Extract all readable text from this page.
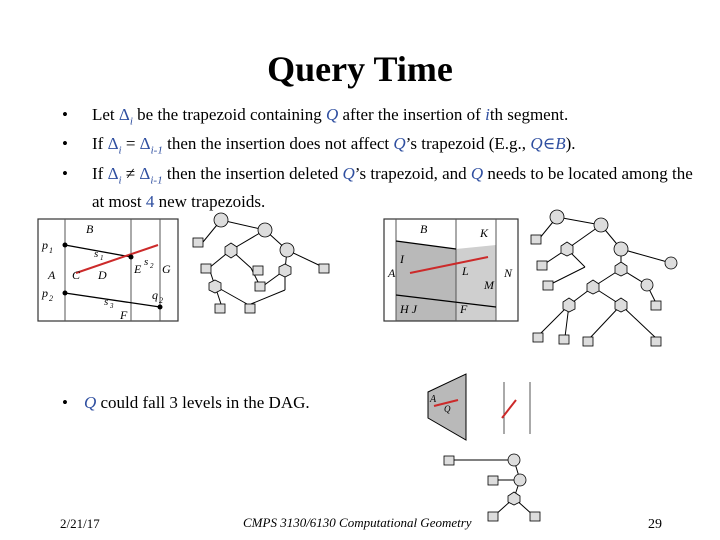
Query Time
• Let $\Delta_i$ be the trapezoid containing Q after the insertion of ith segment.
• If $\Delta_i = \Delta_{i-1}$ then the insertion does not affect Q’s trapezoid (E.g., Q∈B).
• If $\Delta_i \ne \Delta_{i-1}$ then the insertion deleted Q’s trapezoid, and Q needs to be located among the at most 4 new trapezoids.
p 1
p 2
B
s 1	s 2
A C D E G
s 3
F
q 2
B	K
I
L
A	N
M
H J	F
• Q could fall 3 levels in the DAG.	A
Q
2/21/17	CMPS 3130/6130 Computational Geometry	29
